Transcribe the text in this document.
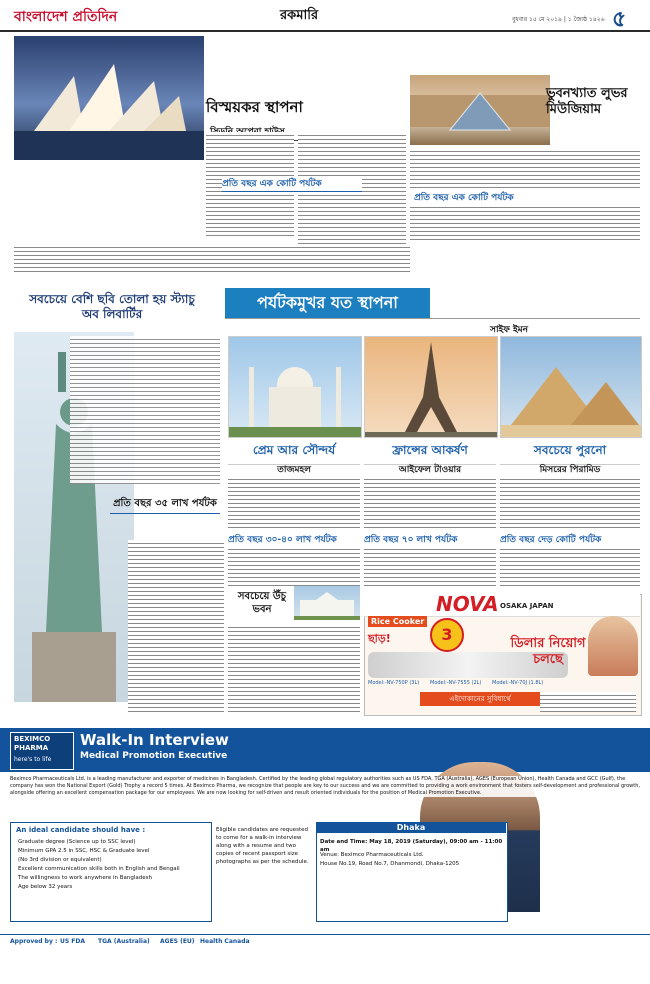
বাংলাদেশ প্রতিদিন	রকমারি	বুধবার ১৫ মে ২০১৯ | ১ জ্যৈষ্ঠ ১৪২৬ ৫
বিস্ময়কর স্থাপনা
প্রতি বছর এক কোটি পর্যটক
ভুবনখ্যাত লুভর মিউজিয়াম
প্রতি বছর এক কোটি পর্যটক
পর্যটকমুখর যত স্থাপনা
সাইফ ইমন
সবচেয়ে বেশি ছবি তোলা হয় স্ট্যাচু অব লিবার্টির
প্রতি বছর ৩৫ লাখ পর্যটক
প্রেম আর সৌন্দর্য
তাজমহল
প্রতি বছর ৩০-৪০ লাখ পর্যটক
সবচেয়ে উঁচু ভবন
ফ্রান্সের আকর্ষণ
আইফেল টাওয়ার
প্রতি বছর ৭০ লাখ পর্যটক
সবচেয়ে পুরনো
মিসরের পিরামিড
প্রতি বছর দেড় কোটি পর্যটক
NOVA OSAKA JAPAN
Rice Cooker
ছাড়!	3
Model:-NV-750P (3L) Model:-NV-7555 (2L) Model:-NV-70J (1.8L)
ডিলার নিয়োগ চলছে
এইদোকানের সুবিধার্থে
BEXIMCO PHARMA
here's to life
Walk-In Interview
Medical Promotion Executive
Beximco Pharmaceuticals Ltd. is a leading manufacturer and exporter of medicines in Bangladesh. Certified by the leading global regulatory authorities such as US FDA, TGA (Australia), AGES (European Union), Health Canada and GCC (Gulf), the company has won the National Export (Gold) Trophy a record 5 times. At Beximco Pharma, we recognize that people are key to our success and we are committed to providing a work environment that fosters self-development and professional growth, alongside offering an excellent compensation package for our employees. We are now looking for self-driven and result oriented individuals for the position of Medical Promotion Executive.
An ideal candidate should have :
Graduate degree (Science up to SSC level)
Minimum GPA 2.5 in SSC, HSC & Graduate level
(No 3rd division or equivalent)
Excellent communication skills both in English and Bengali
The willingness to work anywhere in Bangladesh
Age below 32 years
Eligible candidates are requested to come for a walk-in interview along with a resume and two copies of recent passport size photographs as per the schedule.
Dhaka
Date and Time: May 18, 2019 (Saturday), 09:00 am - 11:00 am
Venue: Beximco Pharmaceuticals Ltd.
House No.19, Road No.7, Dhanmondi, Dhaka-1205
Approved by : US FDA TGA (Australia) AGES (EU) Health Canada
